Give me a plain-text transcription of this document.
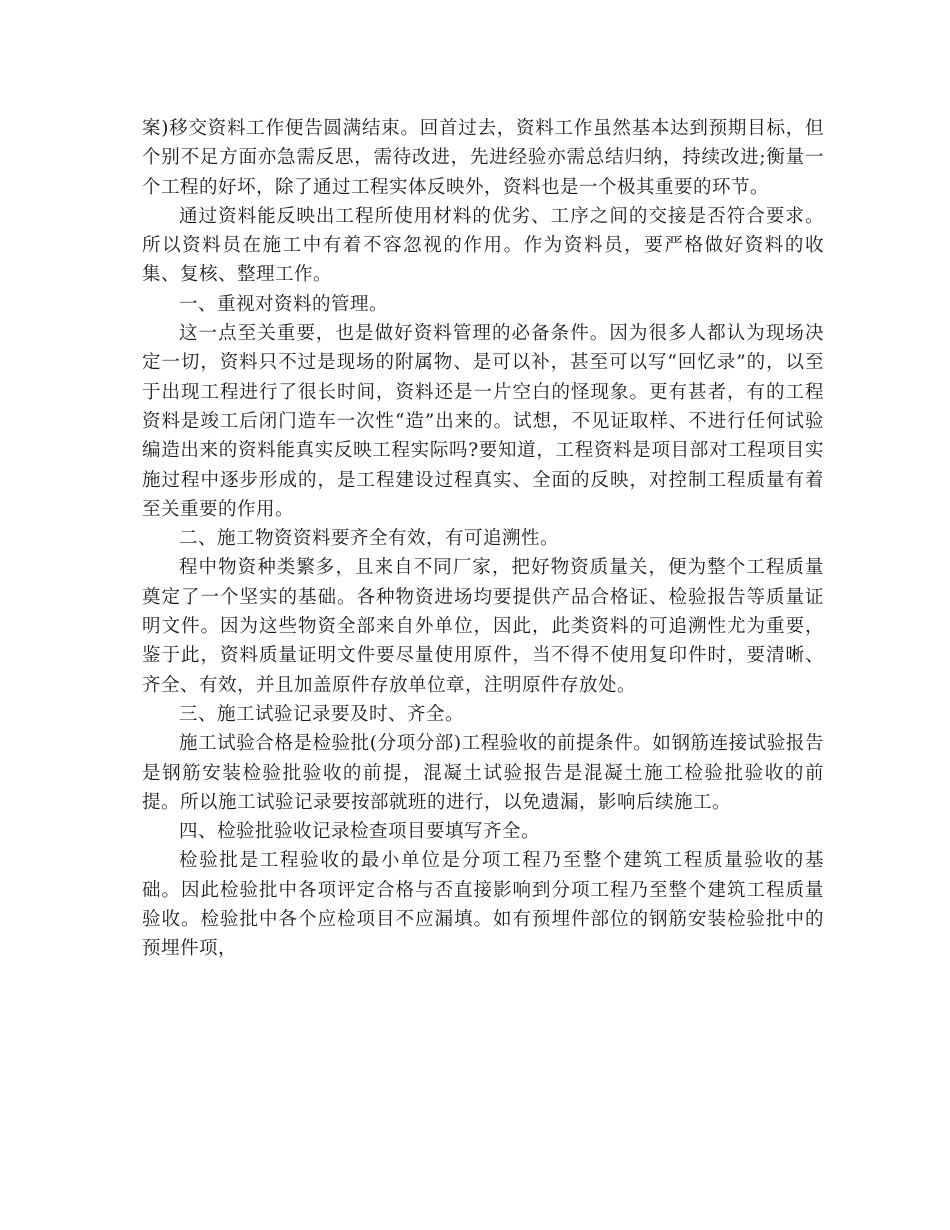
案)移交资料工作便告圆满结束。回首过去，资料工作虽然基本达到预期目标，但个别不足方面亦急需反思，需待改进，先进经验亦需总结归纳，持续改进;衡量一个工程的好坏，除了通过工程实体反映外，资料也是一个极其重要的环节。

通过资料能反映出工程所使用材料的优劣、工序之间的交接是否符合要求。所以资料员在施工中有着不容忽视的作用。作为资料员，要严格做好资料的收集、复核、整理工作。

一、重视对资料的管理。

这一点至关重要，也是做好资料管理的必备条件。因为很多人都认为现场决定一切，资料只不过是现场的附属物、是可以补，甚至可以写“回忆录”的，以至于出现工程进行了很长时间，资料还是一片空白的怪现象。更有甚者，有的工程资料是竣工后闭门造车一次性“造”出来的。试想，不见证取样、不进行任何试验编造出来的资料能真实反映工程实际吗?要知道，工程资料是项目部对工程项目实施过程中逐步形成的，是工程建设过程真实、全面的反映，对控制工程质量有着至关重要的作用。

二、施工物资资料要齐全有效，有可追溯性。

程中物资种类繁多，且来自不同厂家，把好物资质量关，便为整个工程质量奠定了一个坚实的基础。各种物资进场均要提供产品合格证、检验报告等质量证明文件。因为这些物资全部来自外单位，因此，此类资料的可追溯性尤为重要，鉴于此，资料质量证明文件要尽量使用原件，当不得不使用复印件时，要清晰、齐全、有效，并且加盖原件存放单位章，注明原件存放处。

三、施工试验记录要及时、齐全。

施工试验合格是检验批(分项分部)工程验收的前提条件。如钢筋连接试验报告是钢筋安装检验批验收的前提，混凝土试验报告是混凝土施工检验批验收的前提。所以施工试验记录要按部就班的进行，以免遗漏，影响后续施工。

四、检验批验收记录检查项目要填写齐全。

检验批是工程验收的最小单位是分项工程乃至整个建筑工程质量验收的基础。因此检验批中各项评定合格与否直接影响到分项工程乃至整个建筑工程质量验收。检验批中各个应检项目不应漏填。如有预埋件部位的钢筋安装检验批中的预埋件项，
